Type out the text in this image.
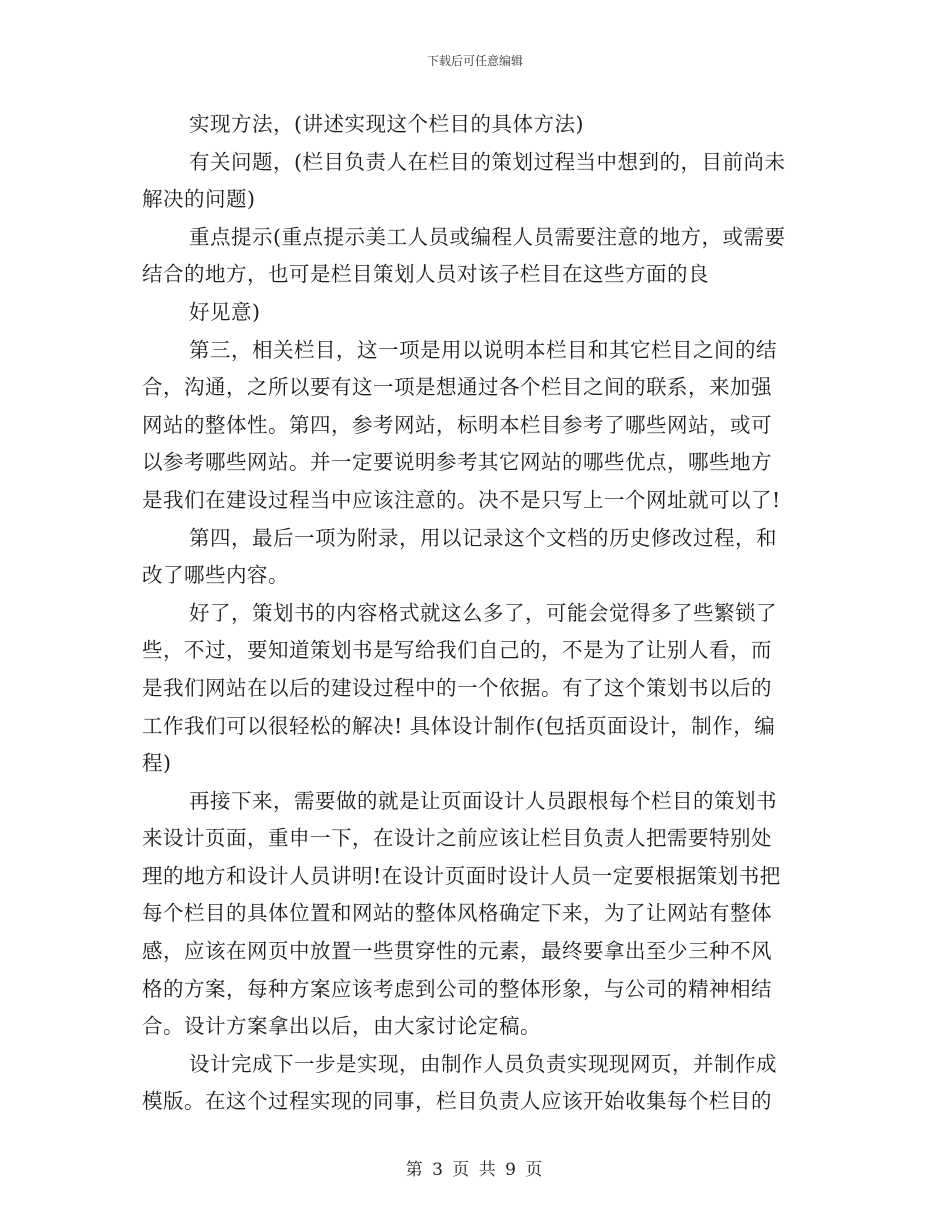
下载后可任意编辑
实现方法，(讲述实现这个栏目的具体方法)
有关问题，(栏目负责人在栏目的策划过程当中想到的，目前尚未
解决的问题)
重点提示(重点提示美工人员或编程人员需要注意的地方，或需要
结合的地方，也可是栏目策划人员对该子栏目在这些方面的良
好见意)
第三，相关栏目，这一项是用以说明本栏目和其它栏目之间的结
合，沟通，之所以要有这一项是想通过各个栏目之间的联系，来加强
网站的整体性。第四，参考网站，标明本栏目参考了哪些网站，或可
以参考哪些网站。并一定要说明参考其它网站的哪些优点，哪些地方
是我们在建设过程当中应该注意的。决不是只写上一个网址就可以了!
第四，最后一项为附录，用以记录这个文档的历史修改过程，和
改了哪些内容。
好了，策划书的内容格式就这么多了，可能会觉得多了些繁锁了
些，不过，要知道策划书是写给我们自己的，不是为了让别人看，而
是我们网站在以后的建设过程中的一个依据。有了这个策划书以后的
工作我们可以很轻松的解决! 具体设计制作(包括页面设计，制作，编
程)
再接下来，需要做的就是让页面设计人员跟根每个栏目的策划书
来设计页面，重申一下，在设计之前应该让栏目负责人把需要特别处
理的地方和设计人员讲明!在设计页面时设计人员一定要根据策划书把
每个栏目的具体位置和网站的整体风格确定下来，为了让网站有整体
感，应该在网页中放置一些贯穿性的元素，最终要拿出至少三种不风
格的方案，每种方案应该考虑到公司的整体形象，与公司的精神相结
合。设计方案拿出以后，由大家讨论定稿。
设计完成下一步是实现，由制作人员负责实现现网页，并制作成
模版。在这个过程实现的同事，栏目负责人应该开始收集每个栏目的
第 3 页 共 9 页
